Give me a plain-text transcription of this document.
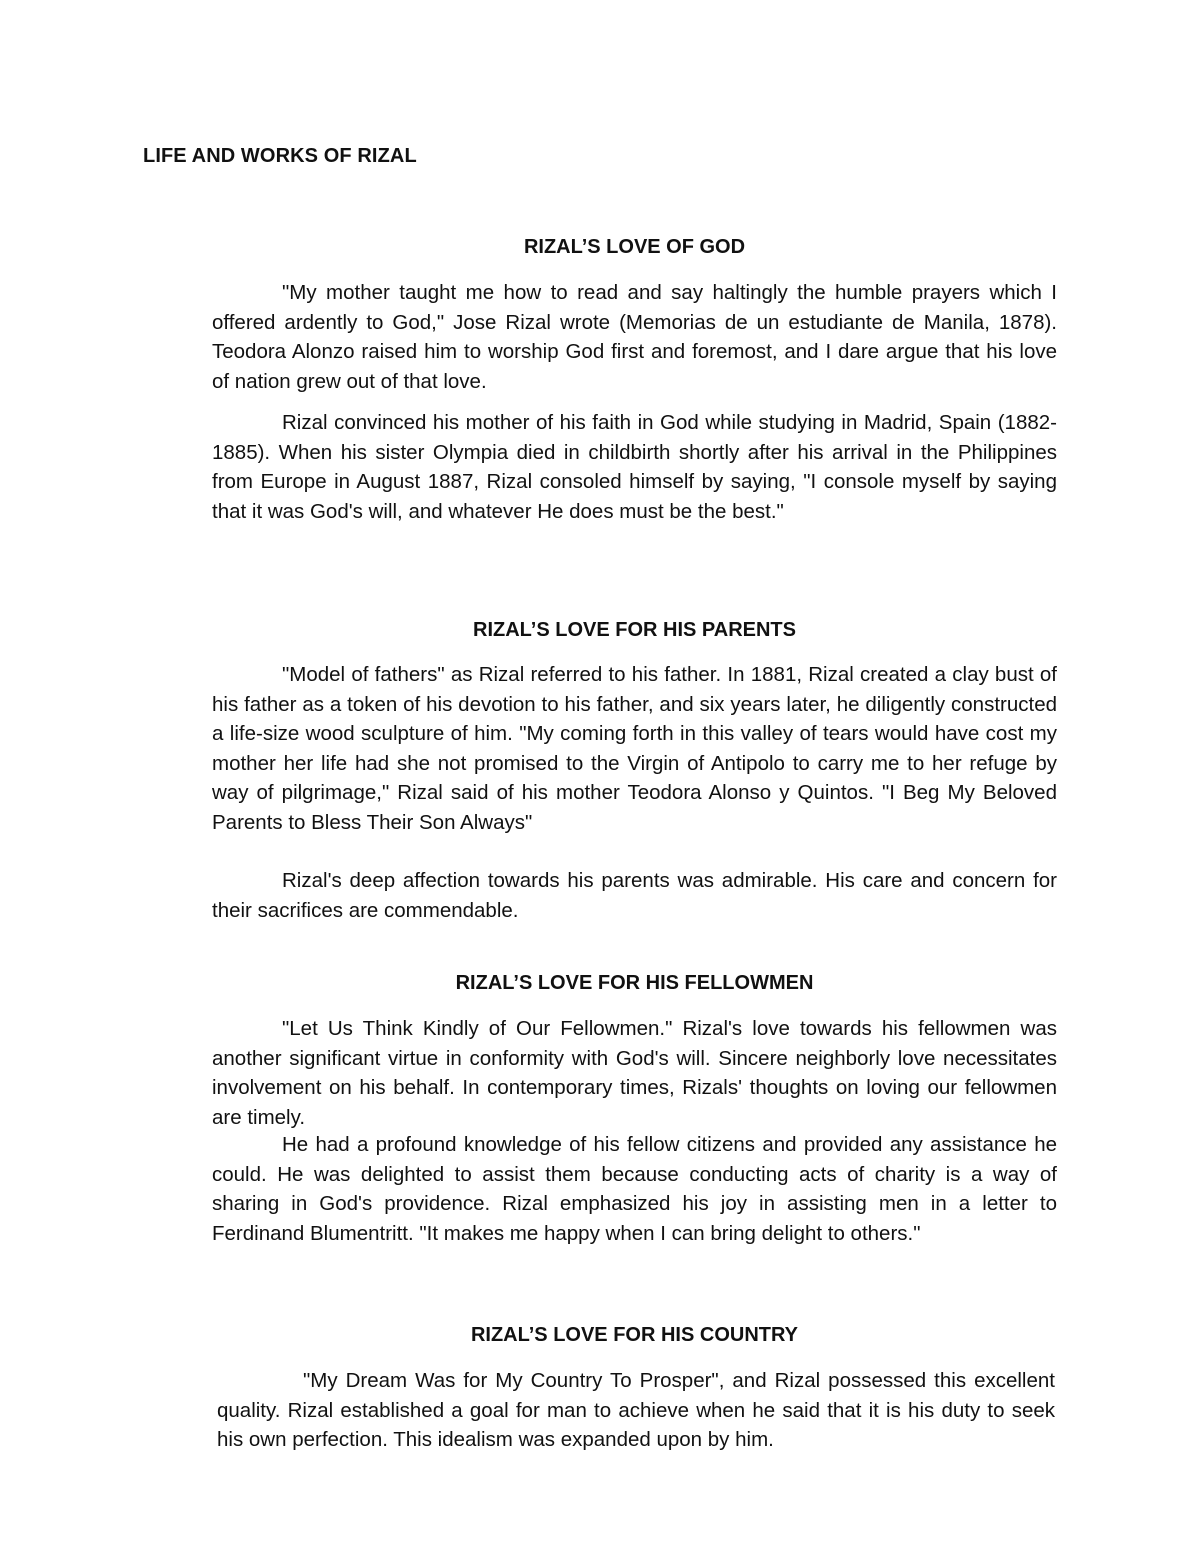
LIFE AND WORKS OF RIZAL
RIZAL’S LOVE OF GOD

"My mother taught me how to read and say haltingly the humble prayers which I offered ardently to God," Jose Rizal wrote (Memorias de un estudiante de Manila, 1878). Teodora Alonzo raised him to worship God first and foremost, and I dare argue that his love of nation grew out of that love.

Rizal convinced his mother of his faith in God while studying in Madrid, Spain (1882-1885). When his sister Olympia died in childbirth shortly after his arrival in the Philippines from Europe in August 1887, Rizal consoled himself by saying, "I console myself by saying that it was God's will, and whatever He does must be the best."

RIZAL’S LOVE FOR HIS PARENTS

"Model of fathers" as Rizal referred to his father. In 1881, Rizal created a clay bust of his father as a token of his devotion to his father, and six years later, he diligently constructed a life-size wood sculpture of him. "My coming forth in this valley of tears would have cost my mother her life had she not promised to the Virgin of Antipolo to carry me to her refuge by way of pilgrimage," Rizal said of his mother Teodora Alonso y Quintos. "I Beg My Beloved Parents to Bless Their Son Always"

Rizal's deep affection towards his parents was admirable. His care and concern for their sacrifices are commendable.

RIZAL’S LOVE FOR HIS FELLOWMEN

"Let Us Think Kindly of Our Fellowmen." Rizal's love towards his fellowmen was another significant virtue in conformity with God's will. Sincere neighborly love necessitates involvement on his behalf. In contemporary times, Rizals' thoughts on loving our fellowmen are timely.

He had a profound knowledge of his fellow citizens and provided any assistance he could. He was delighted to assist them because conducting acts of charity is a way of sharing in God's providence. Rizal emphasized his joy in assisting men in a letter to Ferdinand Blumentritt. "It makes me happy when I can bring delight to others."

RIZAL’S LOVE FOR HIS COUNTRY

"My Dream Was for My Country To Prosper", and Rizal possessed this excellent quality. Rizal established a goal for man to achieve when he said that it is his duty to seek his own perfection. This idealism was expanded upon by him.
